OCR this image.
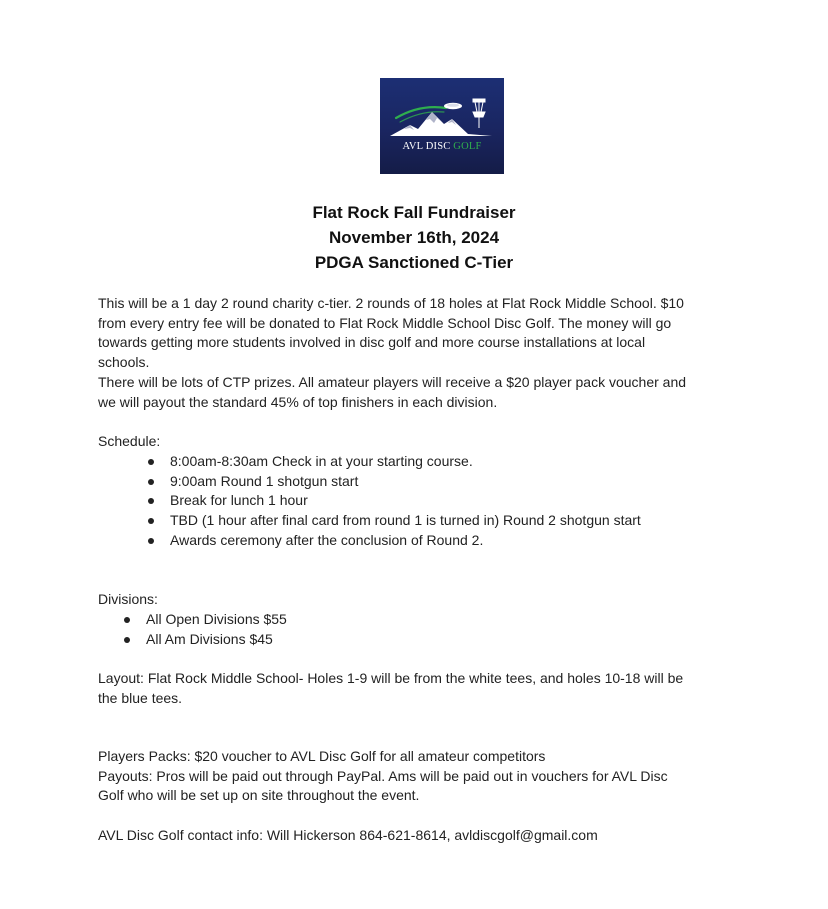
AVL DISC GOLF
Flat Rock Fall Fundraiser
November 16th, 2024
PDGA Sanctioned C-Tier
This will be a 1 day 2 round charity c-tier. 2 rounds of 18 holes at Flat Rock Middle School. $10
from every entry fee will be donated to Flat Rock Middle School Disc Golf. The money will go
towards getting more students involved in disc golf and more course installations at local
schools.
There will be lots of CTP prizes. All amateur players will receive a $20 player pack voucher and
we will payout the standard 45% of top finishers in each division.
Schedule:
8:00am-8:30am Check in at your starting course.
9:00am Round 1 shotgun start
Break for lunch 1 hour
TBD (1 hour after final card from round 1 is turned in) Round 2 shotgun start
Awards ceremony after the conclusion of Round 2.
Divisions:
All Open Divisions $55
All Am Divisions $45
Layout: Flat Rock Middle School- Holes 1-9 will be from the white tees, and holes 10-18 will be
the blue tees.
Players Packs: $20 voucher to AVL Disc Golf for all amateur competitors
Payouts: Pros will be paid out through PayPal. Ams will be paid out in vouchers for AVL Disc
Golf who will be set up on site throughout the event.
AVL Disc Golf contact info: Will Hickerson 864-621-8614, avldiscgolf@gmail.com
